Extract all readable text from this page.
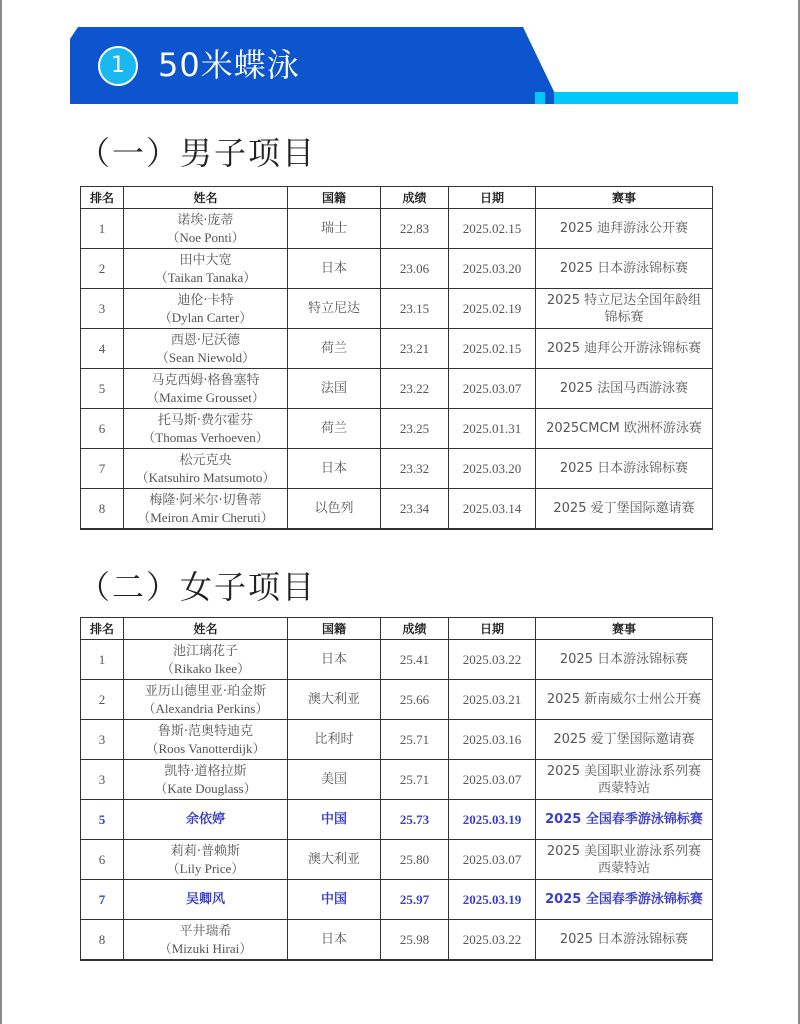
1	50米蝶泳
（一）男子项目
排名	姓名	国籍	成绩	日期	赛事
1	诺埃·庞蒂
（Noe Ponti）	瑞士	22.83	2025.02.15	2025 迪拜游泳公开赛
2	田中大宽
（Taikan Tanaka）	日本	23.06	2025.03.20	2025 日本游泳锦标赛
3	迪伦·卡特
（Dylan Carter）	特立尼达	23.15	2025.02.19	2025 特立尼达全国年龄组锦标赛
4	西恩·尼沃德
（Sean Niewold）	荷兰	23.21	2025.02.15	2025 迪拜公开游泳锦标赛
5	马克西姆·格鲁塞特
（Maxime Grousset）	法国	23.22	2025.03.07	2025 法国马西游泳赛
6	托马斯·费尔霍芬
（Thomas Verhoeven）	荷兰	23.25	2025.01.31	2025CMCM 欧洲杯游泳赛
7	松元克央
（Katsuhiro Matsumoto）	日本	23.32	2025.03.20	2025 日本游泳锦标赛
8	梅隆·阿米尔·切鲁蒂
（Meiron Amir Cheruti）	以色列	23.34	2025.03.14	2025 爱丁堡国际邀请赛
（二）女子项目
排名	姓名	国籍	成绩	日期	赛事
1	池江璃花子
（Rikako Ikee）	日本	25.41	2025.03.22	2025 日本游泳锦标赛
2	亚历山德里亚·珀金斯
（Alexandria Perkins）	澳大利亚	25.66	2025.03.21	2025 新南威尔士州公开赛
3	鲁斯·范奥特迪克
（Roos Vanotterdijk）	比利时	25.71	2025.03.16	2025 爱丁堡国际邀请赛
3	凯特·道格拉斯
（Kate Douglass）	美国	25.71	2025.03.07	2025 美国职业游泳系列赛西蒙特站
5	余依婷	中国	25.73	2025.03.19	2025 全国春季游泳锦标赛
6	莉莉·普赖斯
（Lily Price）	澳大利亚	25.80	2025.03.07	2025 美国职业游泳系列赛西蒙特站
7	吴卿风	中国	25.97	2025.03.19	2025 全国春季游泳锦标赛
8	平井瑞希
（Mizuki Hirai）	日本	25.98	2025.03.22	2025 日本游泳锦标赛
